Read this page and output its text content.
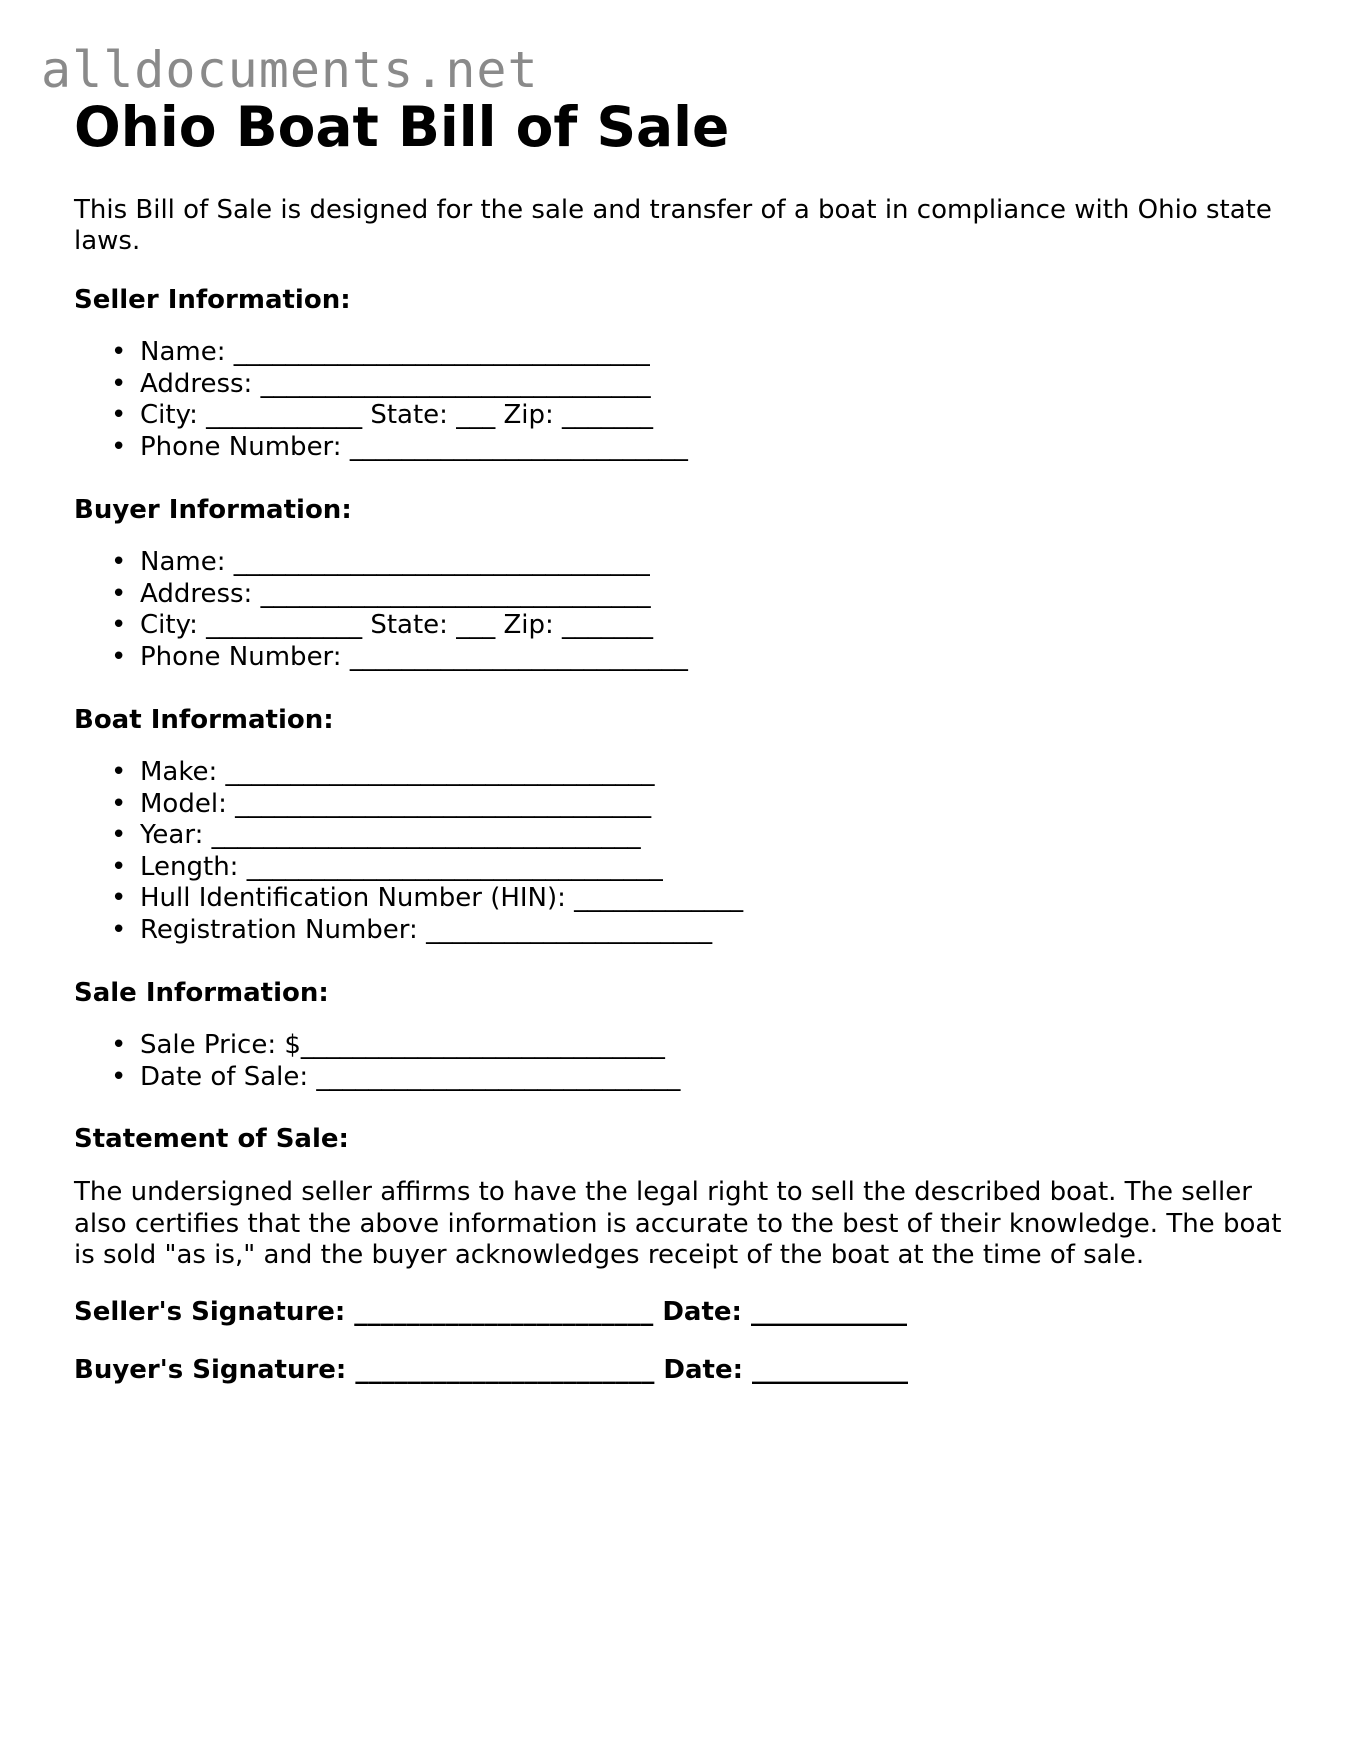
alldocuments.net
Ohio Boat Bill of Sale

This Bill of Sale is designed for the sale and transfer of a boat in compliance with Ohio state laws.

Seller Information:
• Name: ________________________________
• Address: ______________________________
• City: ____________ State: ___ Zip: _______
• Phone Number: __________________________
Buyer Information:
• Name: ________________________________
• Address: ______________________________
• City: ____________ State: ___ Zip: _______
• Phone Number: __________________________
Boat Information:
• Make: _________________________________
• Model: ________________________________
• Year: _________________________________
• Length: ________________________________
• Hull Identification Number (HIN): _____________
• Registration Number: ______________________
Sale Information:
• Sale Price: $____________________________
• Date of Sale: ____________________________
Statement of Sale:

The undersigned seller affirms to have the legal right to sell the described boat. The seller also certifies that the above information is accurate to the best of their knowledge. The boat is sold "as is," and the buyer acknowledges receipt of the boat at the time of sale.

Seller's Signature: _______________________ Date: ____________
Buyer's Signature: _______________________ Date: ____________
